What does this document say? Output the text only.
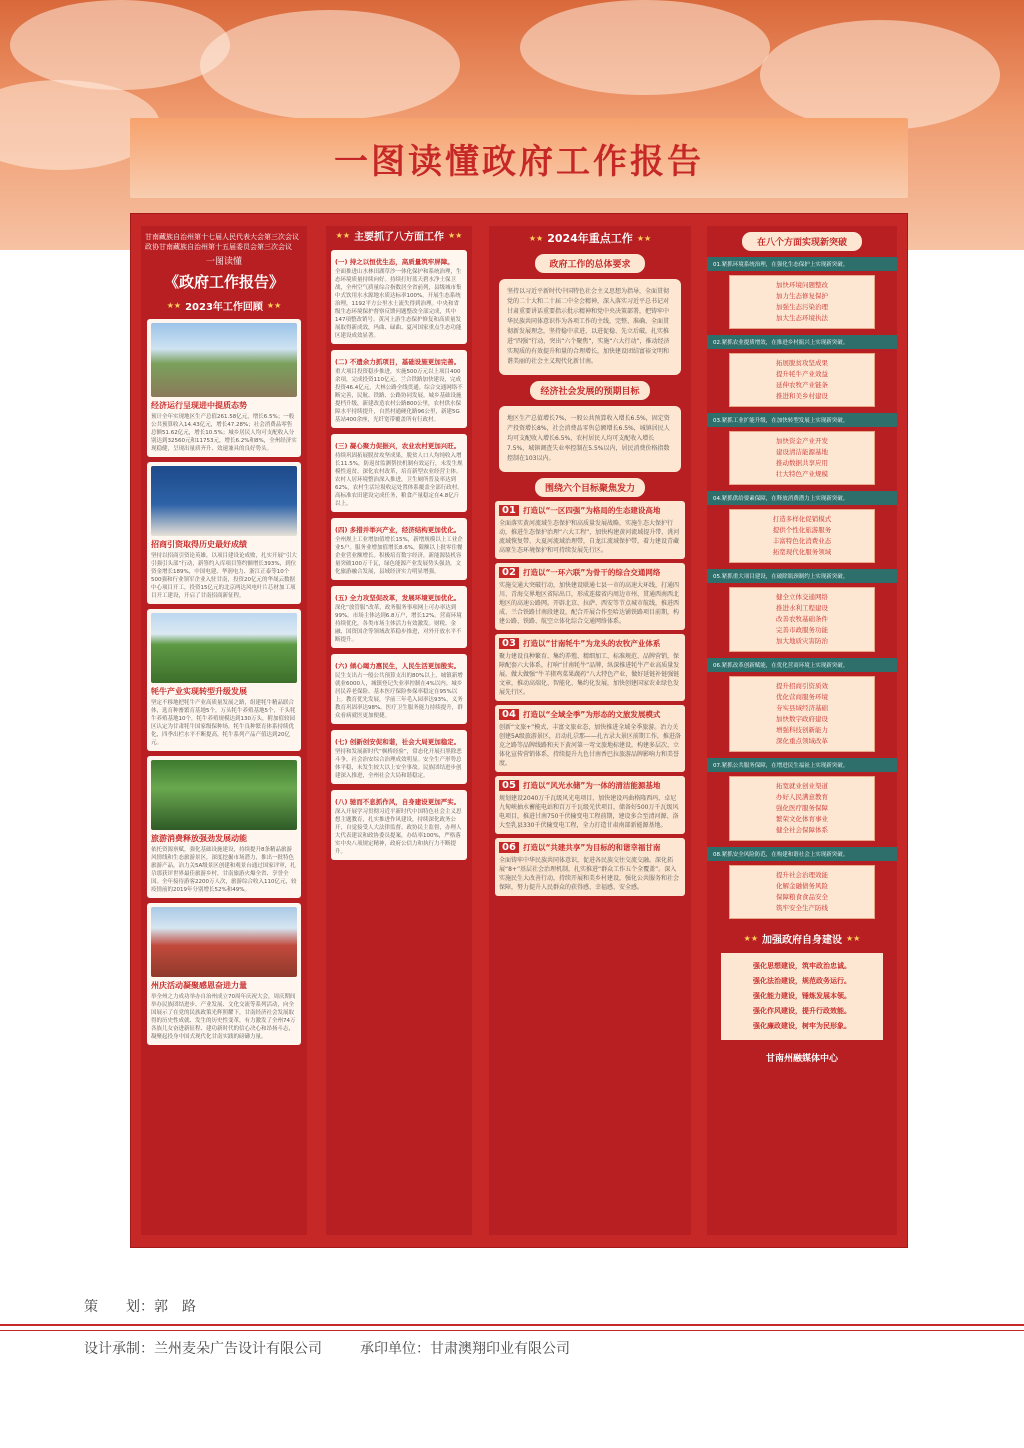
一图读懂政府工作报告
甘南藏族自治州第十七届人民代表大会第三次会议
政协甘南藏族自治州第十五届委员会第三次会议
一图读懂
《政府工作报告》
★★ 2023年工作回顾 ★★
经济运行呈现进中提质态势
预计全年实现地区生产总值261.58亿元，增长6.5%；一般公共预算收入14.43亿元，增长47.28%；社会消费品零售总额51.62亿元，增长10.5%；城乡居民人均可支配收入分别达到32560元和11753元，增长6.2%和8%，全州经济实现稳健，呈现出量质齐升、效速兼具的良好势头。
招商引资取得历史最好成绩
坚持以招商引资论英雄，以项目建设论成败，扎实开展“引大引强引头部”行动，新签约入库项目签约额增长393%，到位资金增长189%，中国电建、华润电力、浙江正泰等10个500强和行业领军企业入驻甘南，投资20亿元的华晟云数据中心项目开工，投资15亿元的北京两达风电叶片芯材加工项目开工建设，开启了甘南招商新征程。
牦牛产业实现转型升级发展
坚定不移地把牦牛产业高质量发展之路，组建牦牛精品联合体，选育种畜繁育基地5个，万头牦牛养殖基地5个，千头牦牛养殖基地10个，牦牛养殖规模达到130万头，附加值较园区认定为甘肃牦牛国家级保种场，牦牛良种繁育体系持续优化，四季出栏水平不断提高，牦牛系列产品产值达到20亿元。
旅游消费释放强劲发展动能
依托资源禀赋，强化基础设施建设，持续提升8条精品旅游风情线和生态旅游景区，深度挖掘市场潜力，推出一批特色旅游产品，冶力关5A级景区创建和观景台通过国家评审，扎尕那获评世界最佳旅游乡村，甘南旅游火爆全省、享誉全国。全年接待游客2200万人次，旅游综合收入110亿元，较疫情前的2019年分别增长52%和49%。
州庆活动凝聚感恩奋进力量
举全州之力成功举办自治州成立70周年庆祝大会，周庆期间举办民族团结进步、产业发展、文化交流等系列活动，向全国展示了在党的民族政策光辉照耀下，甘南经济社会发展取得的历史性成就、发生的历史性变革，有力激发了全州74万各族儿女奋进新征程、建功新时代的信心决心和昂扬斗志，凝聚起投身中国式现代化甘南实践的磅礴力量。
★★ 主要抓了八方面工作 ★★
(一) 持之以恒优生态，高质量筑牢屏障。
全面推进山水林田湖草沙一体化保护和系统治理，生态环境质量持续向好。持续打好蓝天碧水净土保卫战，全州空气质量综合指数居全省前列，县级城市集中式饮用水水源地水质达标率100%。开展生态系统治理，1192平方公里水土流失得到治理。中央和省级生态环境保护督察反馈问题整改全部完成，其中147项整改销号。黄河上游生态保护修复和高质量发展取得新成效，玛曲、碌曲、夏河国家重点生态功能区建设成效显著。
(二) 不遗余力抓项目，基础设施更加完善。
重大项目投资稳步推进，实施500万元以上项目400余项，完成投资110亿元。兰合铁路加快建设，完成投资46.4亿元，大林公路全线贯通。综合交通网络不断完善，民航、铁路、公路协同发展。城乡基础设施提档升级，新建改造农村公路800公里，农村供水保障水平持续提升，自然村通硬化路96公里，新建5G基站400余座，光纤宽带覆盖所有行政村。
(三) 凝心聚力促振兴，农业农村更加兴旺。
持续巩固拓展脱贫攻坚成果，脱贫人口人均纯收入增长11.5%，防返贫监测帮扶机制有效运行，未发生规模性返贫。深化农村改革，培育新型农业经营主体。农村人居环境整治深入推进，卫生厕所普及率达到62%，农村生活垃圾收运处置体系覆盖全部行政村。高标准农田建设完成任务，粮食产量稳定在4.8亿斤以上。
(四) 多措并举兴产业，经济结构更加优化。
全州规上工业增加值增长15%，新增规模以上工业企业5户。服务业增加值增长8.6%，限额以上批零住餐企业营业额增长。积极培育数字经济，新能源装机容量突破100万千瓦，绿色能源产业发展势头强劲，文化旅游融合发展，县域经济实力明显增强。
(五) 全力攻坚促改革，发展环境更加优化。
深化“放管服”改革，政务服务事项网上可办率达到99%。市场主体达到6.8万户，增长12%。营商环境持续优化，各类市场主体活力有效激发。财税、金融、国资国企等领域改革稳步推进，对外开放水平不断提升。
(六) 倾心竭力惠民生，人民生活更加殷实。
民生支出占一般公共预算支出的80%以上，城镇新增就业6000人，城镇登记失业率控制在4%以内。城乡居民养老保险、基本医疗保险参保率稳定在95%以上。教育优先发展，学前三年毛入园率达93%，义务教育巩固率达98%。医疗卫生服务能力持续提升，群众看病就医更加便捷。
(七) 创新创安促和谐，社会大局更加稳定。
坚持和发展新时代“枫桥经验”，常态化开展扫黑除恶斗争，社会治安综合治理成效明显。安全生产形势总体平稳，未发生较大以上安全事故。民族团结进步创建深入推进，全州社会大局和谐稳定。
(八) 驰而不息抓作风，自身建设更加严实。
深入开展学习贯彻习近平新时代中国特色社会主义思想主题教育，扎实推进作风建设，持续深化政务公开，自觉接受人大法律监督、政协民主监督，办理人大代表建议和政协委员提案，办结率100%，严格落实中央八项规定精神，政府公信力和执行力不断提升。
★★ 2024年重点工作 ★★
政府工作的总体要求
坚持以习近平新时代中国特色社会主义思想为指导，全面贯彻党的二十大和二十届二中全会精神，深入落实习近平总书记对甘肃重要讲话重要指示批示精神和党中央决策部署，把铸牢中华民族共同体意识作为各项工作的主线，完整、准确、全面贯彻新发展理念，坚持稳中求进、以进促稳、先立后破，扎实推进“四强”行动，突出“六个聚焦”，实施“六大行动”，推动经济实现质的有效提升和量的合理增长，加快建设团结富裕文明和谐美丽的社会主义现代化新甘南。
经济社会发展的预期目标
地区生产总值增长7%，一般公共预算收入增长6.5%，固定资产投资增长8%，社会消费品零售总额增长6.5%，城镇居民人均可支配收入增长6.5%，农村居民人均可支配收入增长7.5%，城镇调查失业率控制在5.5%以内，居民消费价格指数控制在103以内。
围绕六个目标聚焦发力
01 打造以“一区四强”为格局的生态建设高地
全面落实黄河流域生态保护和高质量发展战略，实施生态大保护行动，推进生态保护治理“六大工程”，加快构建黄河流域提升带、洮河流域恢复带、大夏河流域治理带，自龙江流域保护带，着力建设青藏高原生态环境保护和可持续发展先行区。
02 打造以“一环六联”为骨干的综合交通网络
实施交通大突破行动，加快建设联通七县一市的高速大环线，打通四川、青海交界地区省际出口，形成连接省内周边市州、贯通西南西北地区的高速公路网。开辟北京、拉萨、西安等节点城市航线，推进西成、兰合铁路甘南段建设，配合开展合作至哈达铺铁路项目前期，构建公路、铁路、航空立体化综合交通网络体系。
03 打造以“甘南牦牛”为龙头的农牧产业体系
聚力建设良种繁育、集约养殖、精细加工、标准规范、品牌营销，保障配套六大体系，打响“甘南牦牛”品牌，纵深推进牦牛产业高质量发展。做大做强“牛羊猪鸡菜果蔬药”八大特色产业，做好延链补链强链文章，推动高端化、智能化、集约化发展，加快创建国家农业绿色发展先行区。
04 打造以“全域全季”为形态的文旅发展模式
创新“文旅+”模式，丰富文旅业态，加快推进全域全季旅游。冶力关创建5A级旅游景区，启动扎尕那——扎古录大景区前期工作，推进洛克之路等品牌线路和天下黄河第一弯文旅地标建设，构建多层次、立体化宣传营销体系，持续提升九色甘南香巴拉旅游品牌影响力和美誉度。
05 打造以“风光水储”为一体的清洁能源基地
规划建设2040万千瓦级风光电项目，加快建设玛曲格隆西玛、卓尼九甸峡抽水蓄能电站和百万千瓦级光伏项目，储备好500万千瓦级风电项目，推进甘南750千伏输变电工程前期，建设多合至清河源、洛大至乳县330千伏输变电工程，全力打造甘肃南部新能源基地。
06 打造以“共建共享”为目标的和谐幸福甘南
全面铸牢中华民族共同体意识，促进各民族交往交流交融。深化拓展“8+”基层社会治理机制，扎实推进“群众工作五个全覆盖”。深入实施民生大改善行动，持续开展和美乡村建设，强化公共服务和社会保障，努力提升人民群众的获得感、幸福感、安全感。
在八个方面实现新突破
01.紧抓环境系统治理，在强化生态保护上实现新突破。
加快环境问题整改
加力生态修复保护
加强生态污染治理
加大生态环境执法
02.紧抓农业提质增效，在推进乡村振兴上实现新突破。
拓展脱贫攻坚成果
提升牦牛产业效益
延伸农牧产业链条
推进和美乡村建设
03.紧抓工业扩能升级，在加快转型发展上实现新突破。
加快资金产业开发
建设清洁能源基地
推动数据共享应用
壮大特色产业规模
04.紧抓供给要素保障，在释放消费潜力上实现新突破。
打造多样化促销模式
提供个性化旅游服务
丰富特色化消费业态
拓宽现代化服务领域
05.紧抓重大项目建设，在破除瓶颈制约上实现新突破。
健全立体交通网络
推进水利工程建设
改善农牧基础条件
完善市政服务功能
加大地质灾害防治
06.紧抓改革创新赋能，在优化营商环境上实现新突破。
提升招商引资质效
优化营商服务环境
夯实县域经济基础
加快数字政府建设
增强科技创新能力
深化重点领域改革
07.紧抓公共服务保障，在增进民生福祉上实现新突破。
拓宽就业创业渠道
办好人民满意教育
强化医疗服务保障
繁荣文化体育事业
健全社会保障体系
08.紧抓安全风险防范，在构建和谐社会上实现新突破。
提升社会治理效能
化解金融债务风险
保障粮食食品安全
筑牢安全生产防线
★★ 加强政府自身建设 ★★
强化思想建设，筑牢政治忠诚。
强化法治建设，规范政务运行。
强化能力建设，锤炼发展本领。
强化作风建设，提升行政效能。
强化廉政建设，树牢为民形象。
甘南州融媒体中心
策　　划：郭　路
设计承制：兰州麦朵广告设计有限公司	承印单位：甘肃澳翔印业有限公司
